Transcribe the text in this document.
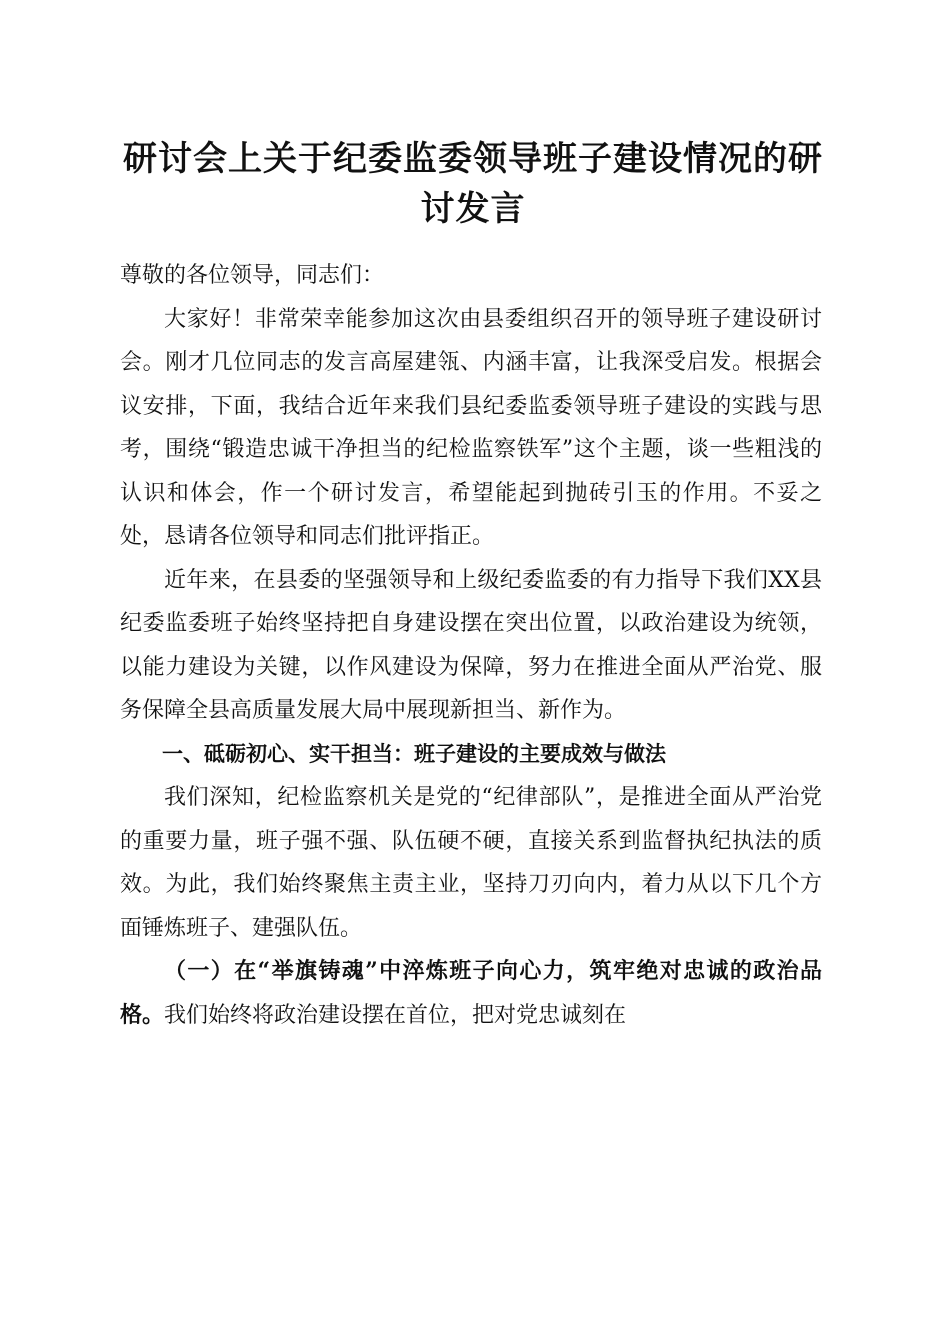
研讨会上关于纪委监委领导班子建设情况的研讨发言

尊敬的各位领导，同志们：

大家好！非常荣幸能参加这次由县委组织召开的领导班子建设研讨会。刚才几位同志的发言高屋建瓴、内涵丰富，让我深受启发。根据会议安排，下面，我结合近年来我们县纪委监委领导班子建设的实践与思考，围绕“锻造忠诚干净担当的纪检监察铁军”这个主题，谈一些粗浅的认识和体会，作一个研讨发言，希望能起到抛砖引玉的作用。不妥之处，恳请各位领导和同志们批评指正。

近年来，在县委的坚强领导和上级纪委监委的有力指导下我们XX县纪委监委班子始终坚持把自身建设摆在突出位置，以政治建设为统领，以能力建设为关键，以作风建设为保障，努力在推进全面从严治党、服务保障全县高质量发展大局中展现新担当、新作为。

一、砥砺初心、实干担当：班子建设的主要成效与做法

我们深知，纪检监察机关是党的“纪律部队”，是推进全面从严治党的重要力量，班子强不强、队伍硬不硬，直接关系到监督执纪执法的质效。为此，我们始终聚焦主责主业，坚持刀刃向内，着力从以下几个方面锤炼班子、建强队伍。

（一）在“举旗铸魂”中淬炼班子向心力，筑牢绝对忠诚的政治品格。我们始终将政治建设摆在首位，把对党忠诚刻在
